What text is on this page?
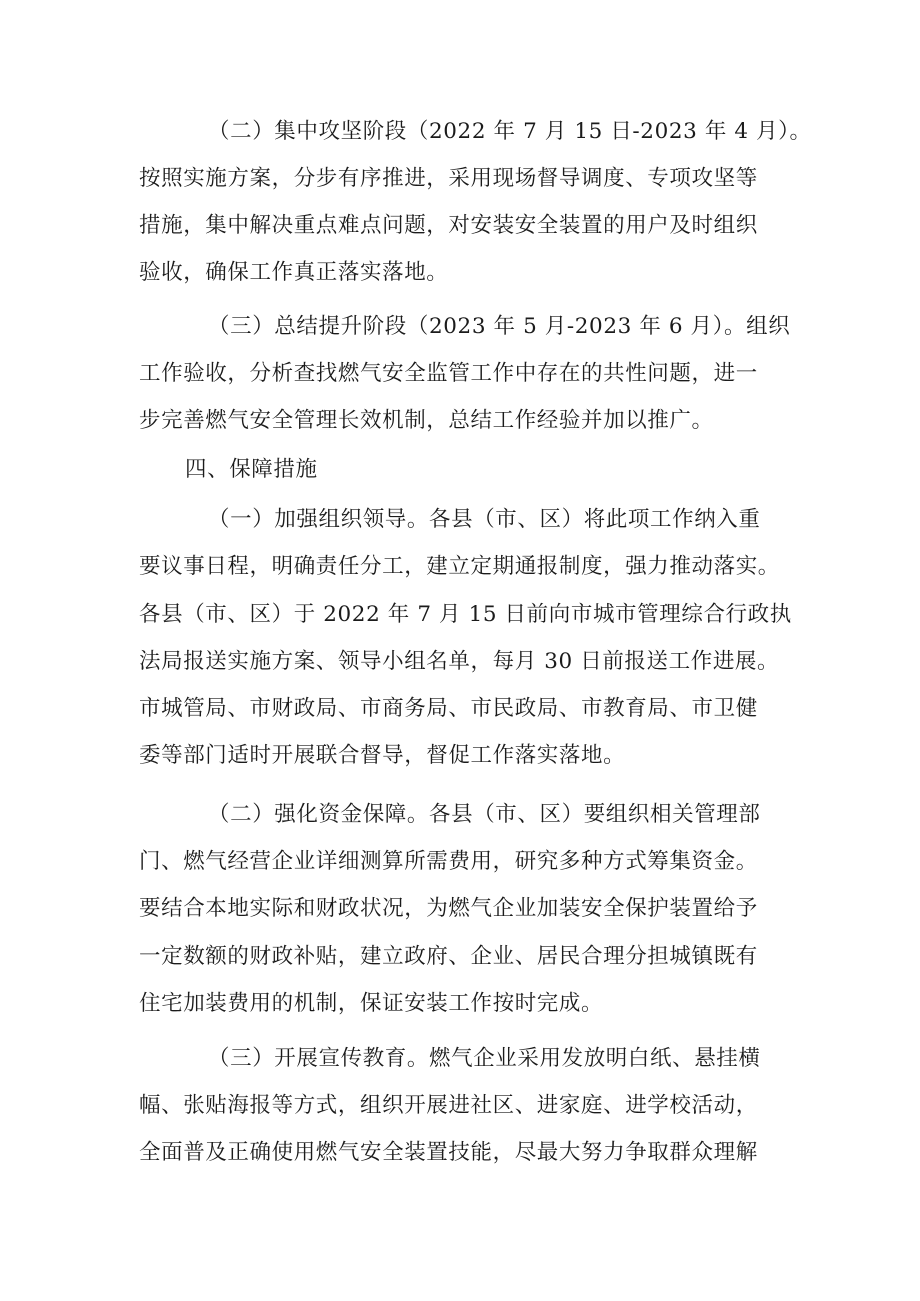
（二）集中攻坚阶段（2022 年 7 月 15 日-2023 年 4 月）。
按照实施方案，分步有序推进，采用现场督导调度、专项攻坚等
措施，集中解决重点难点问题，对安装安全装置的用户及时组织
验收，确保工作真正落实落地。
（三）总结提升阶段（2023 年 5 月-2023 年 6 月）。组织
工作验收，分析查找燃气安全监管工作中存在的共性问题，进一
步完善燃气安全管理长效机制，总结工作经验并加以推广。
四、保障措施
（一）加强组织领导。各县（市、区）将此项工作纳入重
要议事日程，明确责任分工，建立定期通报制度，强力推动落实。
各县（市、区）于 2022 年 7 月 15 日前向市城市管理综合行政执
法局报送实施方案、领导小组名单，每月 30 日前报送工作进展。
市城管局、市财政局、市商务局、市民政局、市教育局、市卫健
委等部门适时开展联合督导，督促工作落实落地。
（二）强化资金保障。各县（市、区）要组织相关管理部
门、燃气经营企业详细测算所需费用，研究多种方式筹集资金。
要结合本地实际和财政状况，为燃气企业加装安全保护装置给予
一定数额的财政补贴，建立政府、企业、居民合理分担城镇既有
住宅加装费用的机制，保证安装工作按时完成。
（三）开展宣传教育。燃气企业采用发放明白纸、悬挂横
幅、张贴海报等方式，组织开展进社区、进家庭、进学校活动，
全面普及正确使用燃气安全装置技能，尽最大努力争取群众理解
